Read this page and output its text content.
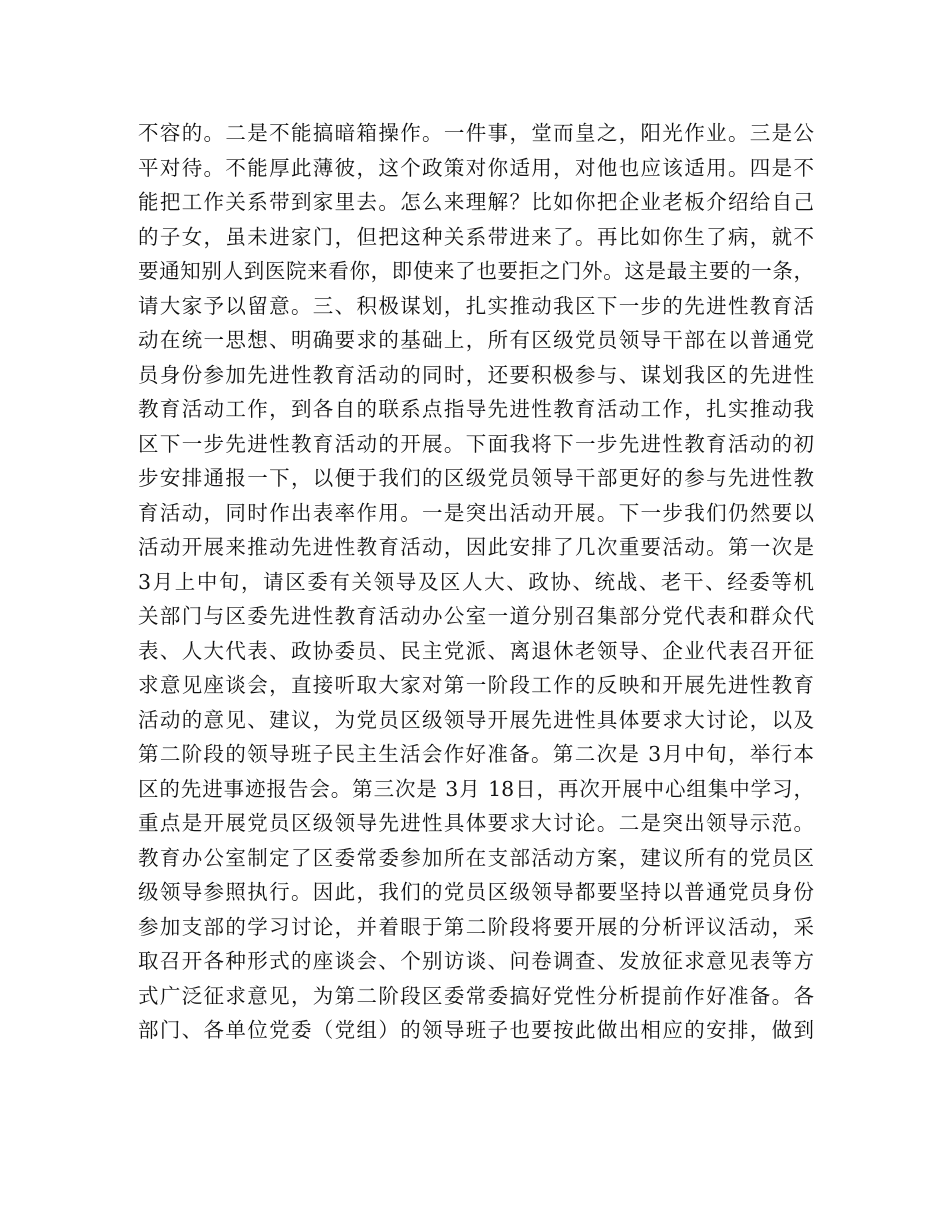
不容的。二是不能搞暗箱操作。一件事，堂而皇之，阳光作业。三是公
平对待。不能厚此薄彼，这个政策对你适用，对他也应该适用。四是不
能把工作关系带到家里去。怎么来理解？比如你把企业老板介绍给自己
的子女，虽未进家门，但把这种关系带进来了。再比如你生了病，就不
要通知别人到医院来看你，即使来了也要拒之门外。这是最主要的一条，
请大家予以留意。三、积极谋划，扎实推动我区下一步的先进性教育活
动在统一思想、明确要求的基础上，所有区级党员领导干部在以普通党
员身份参加先进性教育活动的同时，还要积极参与、谋划我区的先进性
教育活动工作，到各自的联系点指导先进性教育活动工作，扎实推动我
区下一步先进性教育活动的开展。下面我将下一步先进性教育活动的初
步安排通报一下，以便于我们的区级党员领导干部更好的参与先进性教
育活动，同时作出表率作用。一是突出活动开展。下一步我们仍然要以
活动开展来推动先进性教育活动，因此安排了几次重要活动。第一次是
3月上中旬，请区委有关领导及区人大、政协、统战、老干、经委等机
关部门与区委先进性教育活动办公室一道分别召集部分党代表和群众代
表、人大代表、政协委员、民主党派、离退休老领导、企业代表召开征
求意见座谈会，直接听取大家对第一阶段工作的反映和开展先进性教育
活动的意见、建议，为党员区级领导开展先进性具体要求大讨论，以及
第二阶段的领导班子民主生活会作好准备。第二次是 3月中旬，举行本
区的先进事迹报告会。第三次是 3月 18日，再次开展中心组集中学习，
重点是开展党员区级领导先进性具体要求大讨论。二是突出领导示范。
教育办公室制定了区委常委参加所在支部活动方案，建议所有的党员区
级领导参照执行。因此，我们的党员区级领导都要坚持以普通党员身份
参加支部的学习讨论，并着眼于第二阶段将要开展的分析评议活动，采
取召开各种形式的座谈会、个别访谈、问卷调查、发放征求意见表等方
式广泛征求意见，为第二阶段区委常委搞好党性分析提前作好准备。各
部门、各单位党委（党组）的领导班子也要按此做出相应的安排，做到
